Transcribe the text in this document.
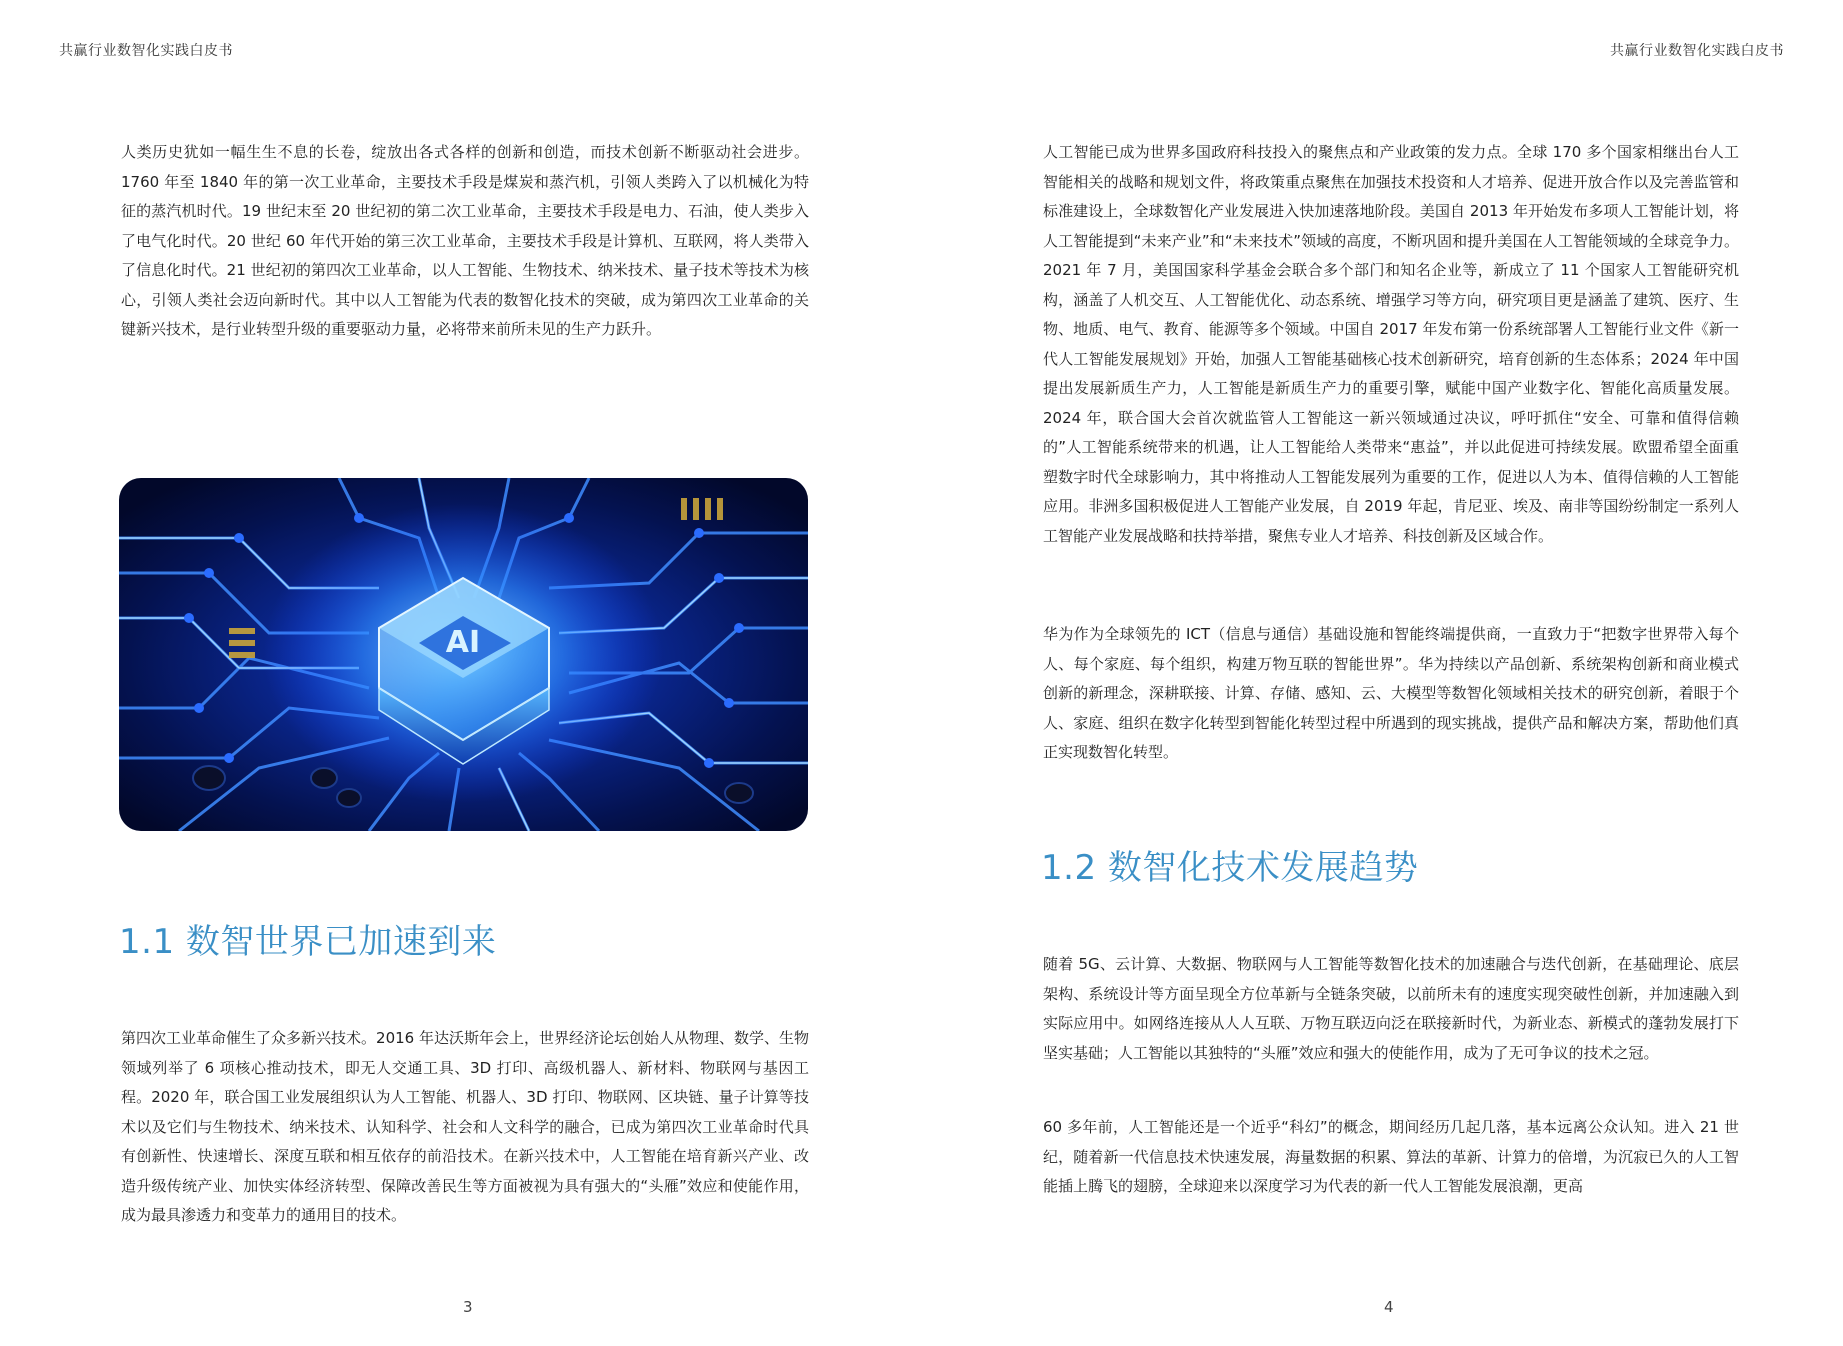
共赢行业数智化实践白皮书

人类历史犹如一幅生生不息的长卷，绽放出各式各样的创新和创造，而技术创新不断驱动社会进步。1760 年至 1840 年的第一次工业革命，主要技术手段是煤炭和蒸汽机，引领人类跨入了以机械化为特征的蒸汽机时代。19 世纪末至 20 世纪初的第二次工业革命，主要技术手段是电力、石油，使人类步入了电气化时代。20 世纪 60 年代开始的第三次工业革命，主要技术手段是计算机、互联网，将人类带入了信息化时代。21 世纪初的第四次工业革命，以人工智能、生物技术、纳米技术、量子技术等技术为核心，引领人类社会迈向新时代。其中以人工智能为代表的数智化技术的突破，成为第四次工业革命的关键新兴技术，是行业转型升级的重要驱动力量，必将带来前所未见的生产力跃升。

AI
1.1 数智世界已加速到来

第四次工业革命催生了众多新兴技术。2016 年达沃斯年会上，世界经济论坛创始人从物理、数学、生物领域列举了 6 项核心推动技术，即无人交通工具、3D 打印、高级机器人、新材料、物联网与基因工程。2020 年，联合国工业发展组织认为人工智能、机器人、3D 打印、物联网、区块链、量子计算等技术以及它们与生物技术、纳米技术、认知科学、社会和人文科学的融合，已成为第四次工业革命时代具有创新性、快速增长、深度互联和相互依存的前沿技术。在新兴技术中，人工智能在培育新兴产业、改造升级传统产业、加快实体经济转型、保障改善民生等方面被视为具有强大的“头雁”效应和使能作用，成为最具渗透力和变革力的通用目的技术。

3
共赢行业数智化实践白皮书

人工智能已成为世界多国政府科技投入的聚焦点和产业政策的发力点。全球 170 多个国家相继出台人工智能相关的战略和规划文件，将政策重点聚焦在加强技术投资和人才培养、促进开放合作以及完善监管和标准建设上，全球数智化产业发展进入快加速落地阶段。美国自 2013 年开始发布多项人工智能计划，将人工智能提到“未来产业”和“未来技术”领域的高度，不断巩固和提升美国在人工智能领域的全球竞争力。2021 年 7 月，美国国家科学基金会联合多个部门和知名企业等，新成立了 11 个国家人工智能研究机构，涵盖了人机交互、人工智能优化、动态系统、增强学习等方向，研究项目更是涵盖了建筑、医疗、生物、地质、电气、教育、能源等多个领域。中国自 2017 年发布第一份系统部署人工智能行业文件《新一代人工智能发展规划》开始，加强人工智能基础核心技术创新研究，培育创新的生态体系；2024 年中国提出发展新质生产力，人工智能是新质生产力的重要引擎，赋能中国产业数字化、智能化高质量发展。2024 年，联合国大会首次就监管人工智能这一新兴领域通过决议，呼吁抓住“安全、可靠和值得信赖的”人工智能系统带来的机遇，让人工智能给人类带来“惠益”，并以此促进可持续发展。欧盟希望全面重塑数字时代全球影响力，其中将推动人工智能发展列为重要的工作，促进以人为本、值得信赖的人工智能应用。非洲多国积极促进人工智能产业发展，自 2019 年起，肯尼亚、埃及、南非等国纷纷制定一系列人工智能产业发展战略和扶持举措，聚焦专业人才培养、科技创新及区域合作。

华为作为全球领先的 ICT（信息与通信）基础设施和智能终端提供商，一直致力于“把数字世界带入每个人、每个家庭、每个组织，构建万物互联的智能世界”。华为持续以产品创新、系统架构创新和商业模式创新的新理念，深耕联接、计算、存储、感知、云、大模型等数智化领域相关技术的研究创新，着眼于个人、家庭、组织在数字化转型到智能化转型过程中所遇到的现实挑战，提供产品和解决方案，帮助他们真正实现数智化转型。

1.2 数智化技术发展趋势

随着 5G、云计算、大数据、物联网与人工智能等数智化技术的加速融合与迭代创新，在基础理论、底层架构、系统设计等方面呈现全方位革新与全链条突破，以前所未有的速度实现突破性创新，并加速融入到实际应用中。如网络连接从人人互联、万物互联迈向泛在联接新时代，为新业态、新模式的蓬勃发展打下坚实基础；人工智能以其独特的“头雁”效应和强大的使能作用，成为了无可争议的技术之冠。

60 多年前，人工智能还是一个近乎“科幻”的概念，期间经历几起几落，基本远离公众认知。进入 21 世纪，随着新一代信息技术快速发展，海量数据的积累、算法的革新、计算力的倍增，为沉寂已久的人工智能插上腾飞的翅膀，全球迎来以深度学习为代表的新一代人工智能发展浪潮，更高

4
